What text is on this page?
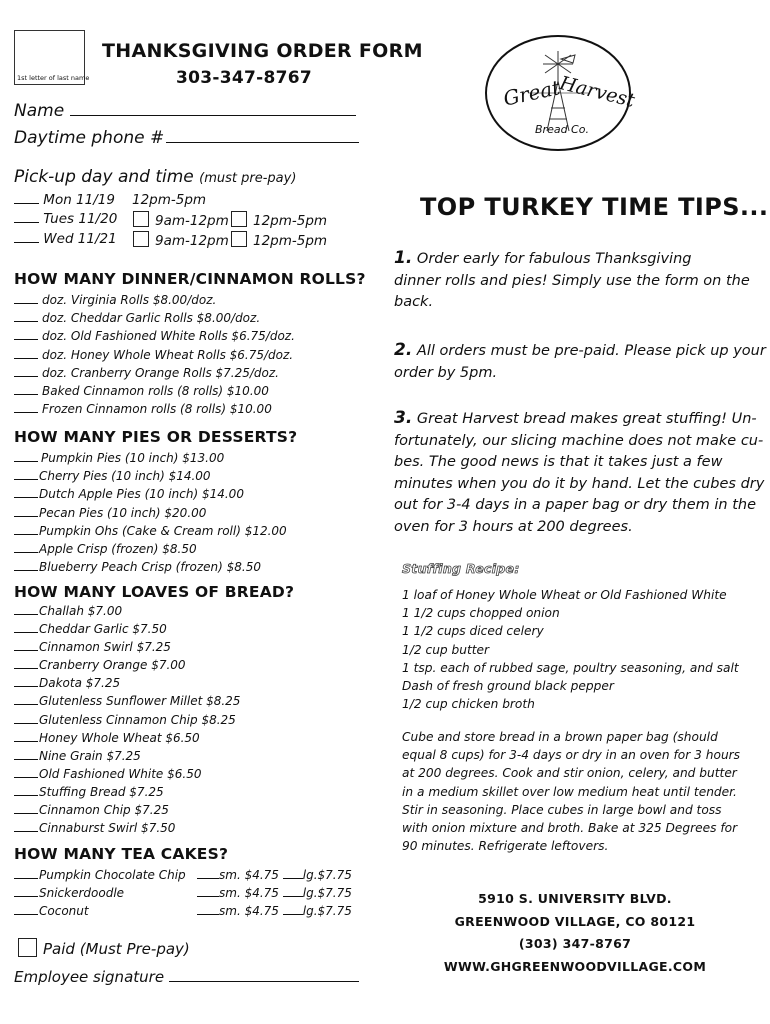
1st letter of last name
THANKSGIVING ORDER FORM
303-347-8767	Great
Harvest
Bread Co.
Name
Daytime phone #
Pick-up day and time (must pre-pay)
Mon 11/19 12pm-5pm
Tues 11/20	9am-12pm	12pm-5pm
Wed 11/21	9am-12pm	12pm-5pm
HOW MANY DINNER/CINNAMON ROLLS?
doz. Virginia Rolls $8.00/doz.
doz. Cheddar Garlic Rolls $8.00/doz.
doz. Old Fashioned White Rolls $6.75/doz.
doz. Honey Whole Wheat Rolls $6.75/doz.
doz. Cranberry Orange Rolls $7.25/doz.
Baked Cinnamon rolls (8 rolls) $10.00
Frozen Cinnamon rolls (8 rolls) $10.00
HOW MANY PIES OR DESSERTS?
Pumpkin Pies (10 inch) $13.00
Cherry Pies (10 inch) $14.00
Dutch Apple Pies (10 inch) $14.00
Pecan Pies (10 inch) $20.00
Pumpkin Ohs (Cake & Cream roll) $12.00
Apple Crisp (frozen) $8.50
Blueberry Peach Crisp (frozen) $8.50
HOW MANY LOAVES OF BREAD?
Challah $7.00
Cheddar Garlic $7.50
Cinnamon Swirl $7.25
Cranberry Orange $7.00
Dakota $7.25
Glutenless Sunflower Millet $8.25
Glutenless Cinnamon Chip $8.25
Honey Whole Wheat $6.50
Nine Grain $7.25
Old Fashioned White $6.50
Stuffing Bread $7.25
Cinnamon Chip $7.25
Cinnaburst Swirl $7.50
HOW MANY TEA CAKES?
Pumpkin Chocolate Chip	sm. $4.75 lg.$7.75
Snickerdoodle	sm. $4.75 lg.$7.75
Coconut	sm. $4.75 lg.$7.75
Paid (Must Pre-pay)
Employee signature
TOP TURKEY TIME TIPS...
1. Order early for fabulous Thanksgiving
dinner rolls and pies! Simply use the form on the
back.
2. All orders must be pre-paid. Please pick up your
order by 5pm.
3. Great Harvest bread makes great stuffing! Un-
fortunately, our slicing machine does not make cu-
bes. The good news is that it takes just a few
minutes when you do it by hand. Let the cubes dry
out for 3-4 days in a paper bag or dry them in the
oven for 3 hours at 200 degrees.
Stuffing Recipe:
1 loaf of Honey Whole Wheat or Old Fashioned White
1 1/2 cups chopped onion
1 1/2 cups diced celery
1/2 cup butter
1 tsp. each of rubbed sage, poultry seasoning, and salt
Dash of fresh ground black pepper
1/2 cup chicken broth
Cube and store bread in a brown paper bag (should
equal 8 cups) for 3-4 days or dry in an oven for 3 hours
at 200 degrees. Cook and stir onion, celery, and butter
in a medium skillet over low medium heat until tender.
Stir in seasoning. Place cubes in large bowl and toss
with onion mixture and broth. Bake at 325 Degrees for
90 minutes. Refrigerate leftovers.
5910 S. UNIVERSITY BLVD.
GREENWOOD VILLAGE, CO 80121
(303) 347-8767
WWW.GHGREENWOODVILLAGE.COM
